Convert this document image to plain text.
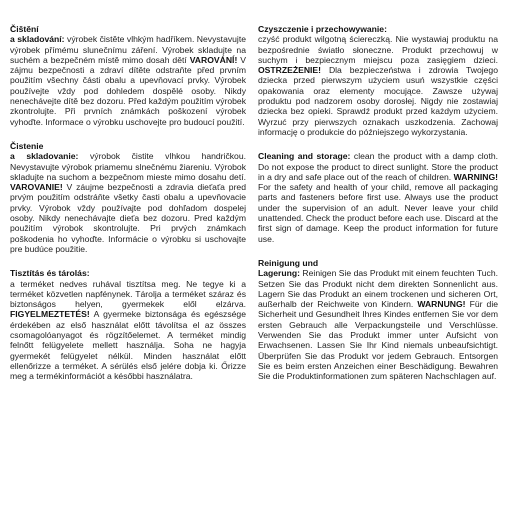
Čištění

a skladování: výrobek čistěte vlhkým hadříkem. Nevystavujte výrobek přímému slunečnímu záření. Výrobek skladujte na suchém a bezpečném místě mimo dosah dětí VAROVÁNÍ! V zájmu bezpečnosti a zdraví dítěte odstraňte před prvním použitím všechny části obalu a upevňovací prvky. Výrobek používejte vždy pod dohledem dospělé osoby. Nikdy nenechávejte dítě bez dozoru. Před každým použitím výrobek zkontrolujte. Při prvních známkách poškození výrobek vyhoďte. Informace o výrobku uschovejte pro budoucí použití.

Čistenie

a skladovanie: výrobok čistite vlhkou handričkou. Nevystavujte výrobok priamemu slnečnému žiareniu. Výrobok skladujte na suchom a bezpečnom mieste mimo dosahu detí. VAROVANIE! V záujme bezpečnosti a zdravia dieťaťa pred prvým použitím odstráňte všetky časti obalu a upevňovacie prvky. Výrobok vždy používajte pod dohľadom dospelej osoby. Nikdy nenechávajte dieťa bez dozoru. Pred každým použitím výrobok skontrolujte. Pri prvých známkach poškodenia ho vyhoďte. Informácie o výrobku si uschovajte pre budúce použitie.

Tisztítás és tárolás:

a terméket nedves ruhával tisztítsa meg. Ne tegye ki a terméket közvetlen napfénynek. Tárolja a terméket száraz és biztonságos helyen, gyermekek elől elzárva. FIGYELMEZTETÉS! A gyermeke biztonsága és egészsége érdekében az első használat előtt távolítsa el az összes csomagolóanyagot és rögzítőelemet. A terméket mindig felnőtt felügyelete mellett használja. Soha ne hagyja gyermekét felügyelet nélkül. Minden használat előtt ellenőrizze a terméket. A sérülés első jelére dobja ki. Őrizze meg a termékinformációt a későbbi használatra.

Czyszczenie i przechowywanie:

czyść produkt wilgotną ściereczką. Nie wystawiaj produktu na bezpośrednie światło słoneczne. Produkt przechowuj w suchym i bezpiecznym miejscu poza zasięgiem dzieci. OSTRZEŻENIE! Dla bezpieczeństwa i zdrowia Twojego dziecka przed pierwszym użyciem usuń wszystkie części opakowania oraz elementy mocujące. Zawsze używaj produktu pod nadzorem osoby dorosłej. Nigdy nie zostawiaj dziecka bez opieki. Sprawdź produkt przed każdym użyciem. Wyrzuć przy pierwszych oznakach uszkodzenia. Zachowaj informację o produkcie do późniejszego wykorzystania.

Cleaning and storage: clean the product with a damp cloth. Do not expose the product to direct sunlight. Store the product in a dry and safe place out of the reach of children. WARNING! For the safety and health of your child, remove all packaging parts and fasteners before first use. Always use the product under the supervision of an adult. Never leave your child unattended. Check the product before each use. Discard at the first sign of damage. Keep the product information for future use.

Reinigung und

Lagerung: Reinigen Sie das Produkt mit einem feuchten Tuch. Setzen Sie das Produkt nicht dem direkten Sonnenlicht aus. Lagern Sie das Produkt an einem trockenen und sicheren Ort, außerhalb der Reichweite von Kindern. WARNUNG! Für die Sicherheit und Gesundheit Ihres Kindes entfernen Sie vor dem ersten Gebrauch alle Verpackungsteile und Verschlüsse. Verwenden Sie das Produkt immer unter Aufsicht von Erwachsenen. Lassen Sie Ihr Kind niemals unbeaufsichtigt. Überprüfen Sie das Produkt vor jedem Gebrauch. Entsorgen Sie es beim ersten Anzeichen einer Beschädigung. Bewahren Sie die Produktinformationen zum späteren Nachschlagen auf.
